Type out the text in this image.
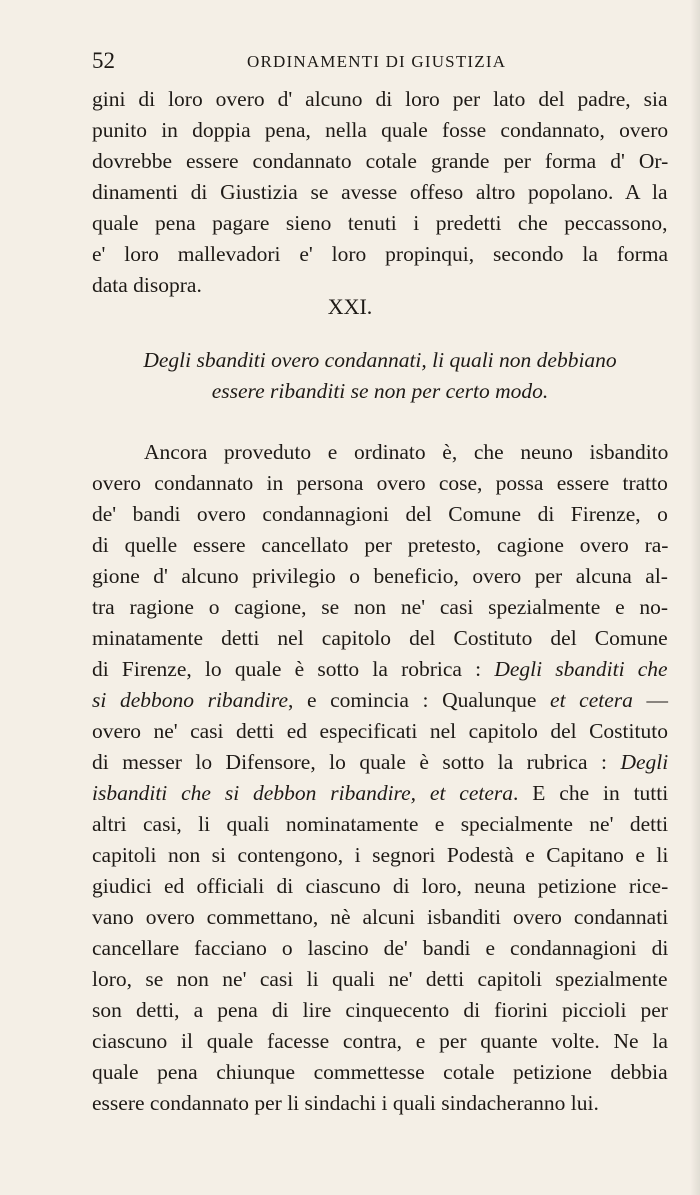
52	ORDINAMENTI DI GIUSTIZIA
gini di loro overo d' alcuno di loro per lato del padre, sia
punito in doppia pena, nella quale fosse condannato, overo
dovrebbe essere condannato cotale grande per forma d' Or-
dinamenti di Giustizia se avesse offeso altro popolano. A la
quale pena pagare sieno tenuti i predetti che peccassono,
e' loro mallevadori e' loro propinqui, secondo la forma
data disopra.
XXI.
Degli sbanditi overo condannati, li quali non debbiano
essere ribanditi se non per certo modo.
Ancora proveduto e ordinato è, che neuno isbandito
overo condannato in persona overo cose, possa essere tratto
de' bandi overo condannagioni del Comune di Firenze, o
di quelle essere cancellato per pretesto, cagione overo ra-
gione d' alcuno privilegio o beneficio, overo per alcuna al-
tra ragione o cagione, se non ne' casi spezialmente e no-
minatamente detti nel capitolo del Costituto del Comune
di Firenze, lo quale è sotto la robrica : Degli sbanditi che
si debbono ribandire, e comincia : Qualunque et cetera —
overo ne' casi detti ed especificati nel capitolo del Costituto
di messer lo Difensore, lo quale è sotto la rubrica : Degli
isbanditi che si debbon ribandire, et cetera. E che in tutti
altri casi, li quali nominatamente e specialmente ne' detti
capitoli non si contengono, i segnori Podestà e Capitano e li
giudici ed officiali di ciascuno di loro, neuna petizione rice-
vano overo commettano, nè alcuni isbanditi overo condannati
cancellare facciano o lascino de' bandi e condannagioni di
loro, se non ne' casi li quali ne' detti capitoli spezialmente
son detti, a pena di lire cinquecento di fiorini piccioli per
ciascuno il quale facesse contra, e per quante volte. Ne la
quale pena chiunque commettesse cotale petizione debbia
essere condannato per li sindachi i quali sindacheranno lui.
